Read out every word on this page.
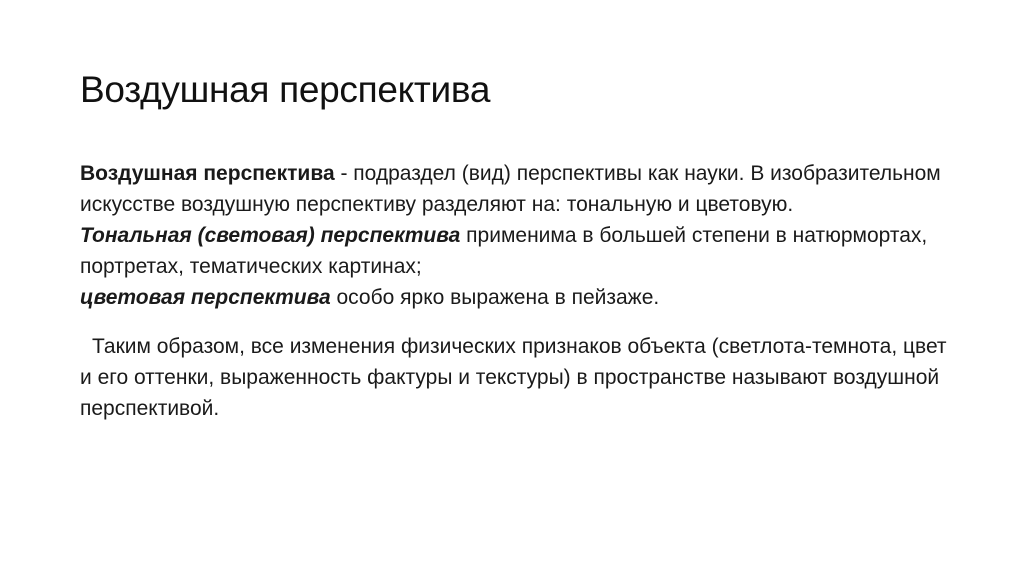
Воздушная перспектива

Воздушная перспектива - подраздел (вид) перспективы как науки. В изобразительном искусстве воздушную перспективу разделяют на: тональную и цветовую.
Тональная (световая) перспектива применима в большей степени в натюрмортах, портретах, тематических картинах;
цветовая перспектива особо ярко выражена в пейзаже.

Таким образом, все изменения физических признаков объекта (светлота-темнота, цвет и его оттенки, выраженность фактуры и текстуры) в пространстве называют воздушной перспективой.
